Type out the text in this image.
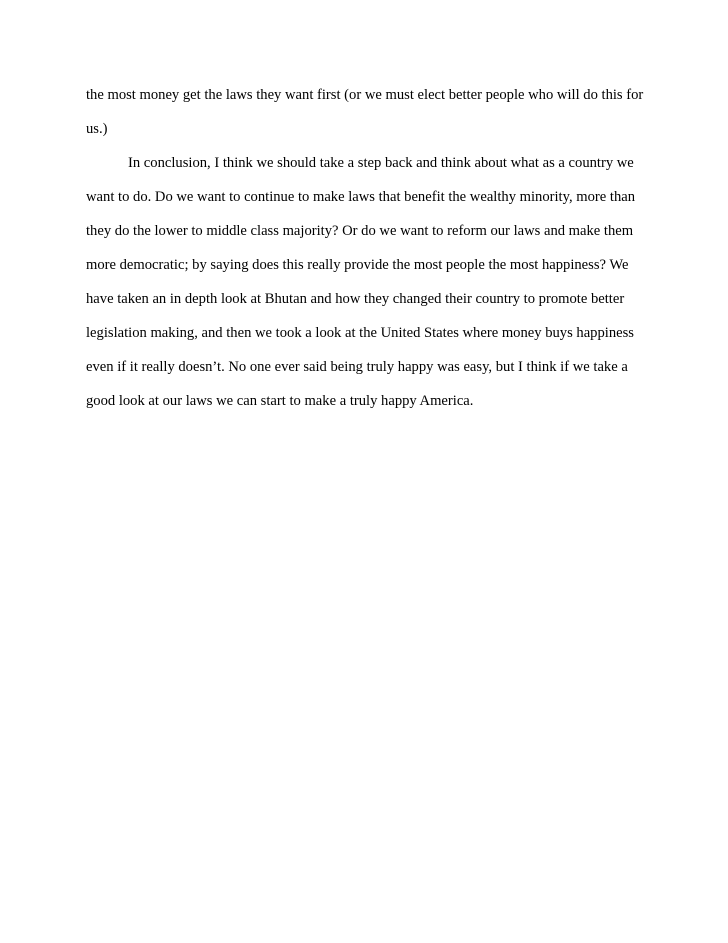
the most money get the laws they want first (or we must elect better people who will do this for
us.)
In conclusion, I think we should take a step back and think about what as a country we
want to do. Do we want to continue to make laws that benefit the wealthy minority, more than
they do the lower to middle class majority? Or do we want to reform our laws and make them
more democratic; by saying does this really provide the most people the most happiness? We
have taken an in depth look at Bhutan and how they changed their country to promote better
legislation making, and then we took a look at the United States where money buys happiness
even if it really doesn’t. No one ever said being truly happy was easy, but I think if we take a
good look at our laws we can start to make a truly happy America.
